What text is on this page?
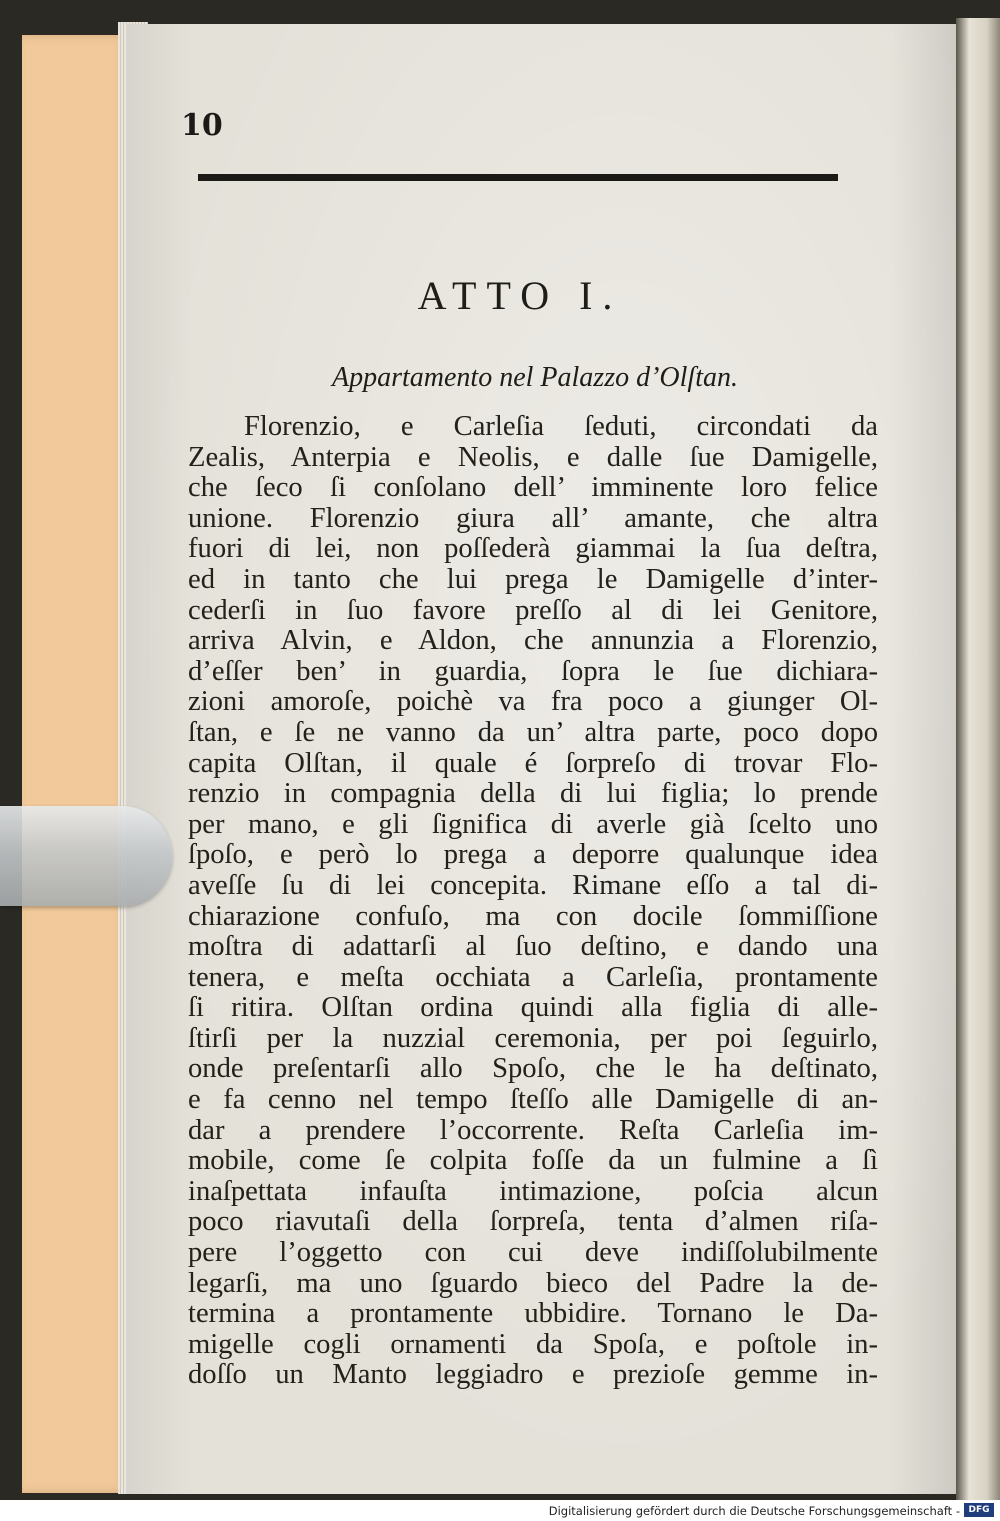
10
ATTO I.
Appartamento nel Palazzo d’Olſtan.
Florenzio, e Carleſia ſeduti, circondati da
Zealis, Anterpia e Neolis, e dalle ſue Damigelle,
che ſeco ſi conſolano dell’ imminente loro felice
unione. Florenzio giura all’ amante, che altra
fuori di lei, non poſſederà giammai la ſua deſtra,
ed in tanto che lui prega le Damigelle d’inter-
cederſi in ſuo favore preſſo al di lei Genitore,
arriva Alvin, e Aldon, che annunzia a Florenzio,
d’eſſer ben’ in guardia, ſopra le ſue dichiara-
zioni amoroſe, poichè va fra poco a giunger Ol-
ſtan, e ſe ne vanno da un’ altra parte, poco dopo
capita Olſtan, il quale é ſorpreſo di trovar Flo-
renzio in compagnia della di lui figlia; lo prende
per mano, e gli ſignifica di averle già ſcelto uno
ſpoſo, e però lo prega a deporre qualunque idea
aveſſe ſu di lei concepita. Rimane eſſo a tal di-
chiarazione confuſo, ma con docile ſommiſſione
moſtra di adattarſi al ſuo deſtino, e dando una
tenera, e meſta occhiata a Carleſia, prontamente
ſi ritira. Olſtan ordina quindi alla figlia di alle-
ſtirſi per la nuzzial ceremonia, per poi ſeguirlo,
onde preſentarſi allo Spoſo, che le ha deſtinato,
e fa cenno nel tempo ſteſſo alle Damigelle di an-
dar a prendere l’occorrente. Reſta Carleſia im-
mobile, come ſe colpita foſſe da un fulmine a ſì
inaſpettata infauſta intimazione, poſcia alcun
poco riavutaſi della ſorpreſa, tenta d’almen riſa-
pere l’oggetto con cui deve indiſſolubilmente
legarſi, ma uno ſguardo bieco del Padre la de-
termina a prontamente ubbidire. Tornano le Da-
migelle cogli ornamenti da Spoſa, e poſtole in-
doſſo un Manto leggiadro e prezioſe gemme in-
Digitalisierung gefördert durch die Deutsche Forschungsgemeinschaft - DFG
